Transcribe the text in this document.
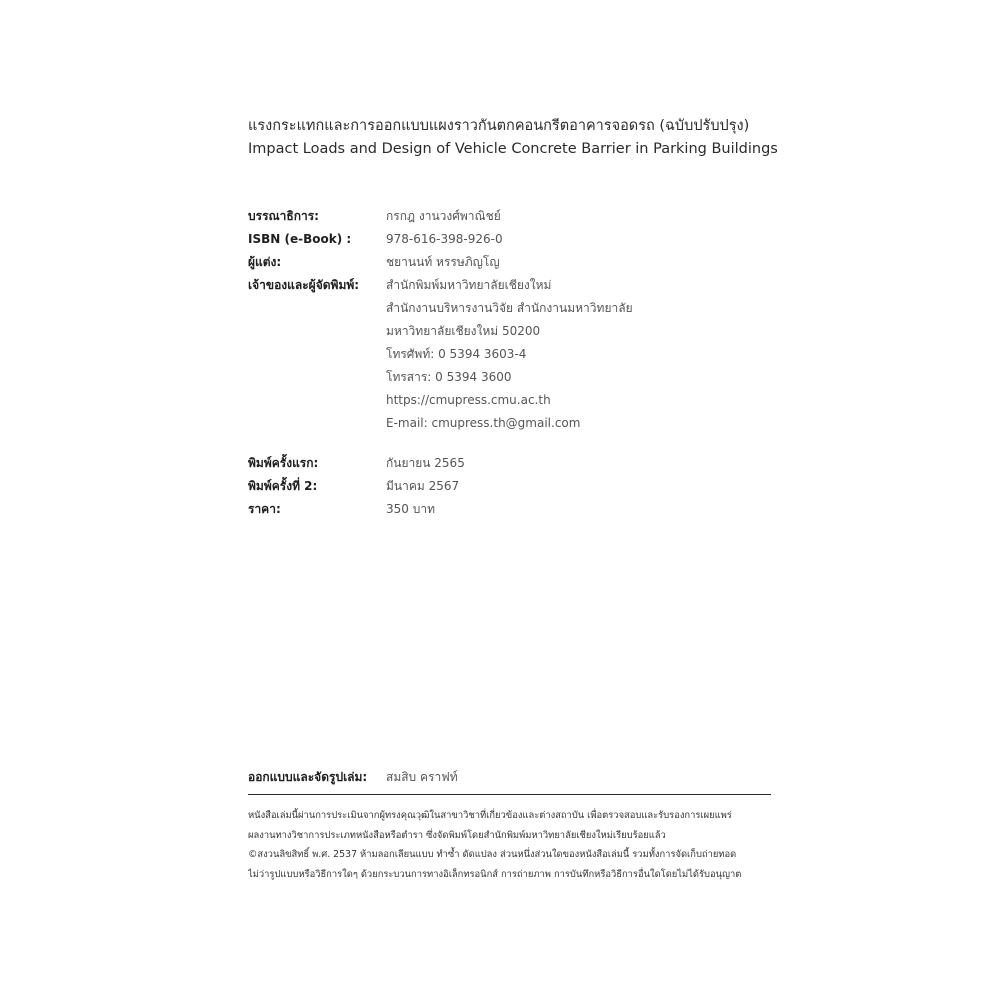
แรงกระแทกและการออกแบบแผงราวกันตกคอนกรีตอาคารจอดรถ (ฉบับปรับปรุง)
Impact Loads and Design of Vehicle Concrete Barrier in Parking Buildings
บรรณาธิการ:	กรกฎ งานวงศ์พาณิชย์
ISBN (e-Book) :	978-616-398-926-0
ผู้แต่ง:	ชยานนท์ หรรษภิญโญ
เจ้าของและผู้จัดพิมพ์: สำนักพิมพ์มหาวิทยาลัยเชียงใหม่
สำนักงานบริหารงานวิจัย สำนักงานมหาวิทยาลัย
มหาวิทยาลัยเชียงใหม่ 50200
โทรศัพท์: 0 5394 3603-4
โทรสาร: 0 5394 3600
https://cmupress.cmu.ac.th
E-mail: cmupress.th@gmail.com
พิมพ์ครั้งแรก:	กันยายน 2565
พิมพ์ครั้งที่ 2:	มีนาคม 2567
ราคา:	350 บาท
ออกแบบและจัดรูปเล่ม: สมสิบ คราฟท์
หนังสือเล่มนี้ผ่านการประเมินจากผู้ทรงคุณวุฒิในสาขาวิชาที่เกี่ยวข้องและต่างสถาบัน เพื่อตรวจสอบและรับรองการเผยแพร่
ผลงานทางวิชาการประเภทหนังสือหรือตำรา ซึ่งจัดพิมพ์โดยสำนักพิมพ์มหาวิทยาลัยเชียงใหม่เรียบร้อยแล้ว
©สงวนลิขสิทธิ์ พ.ศ. 2537 ห้ามลอกเลียนแบบ ทำซ้ำ ดัดแปลง ส่วนหนึ่งส่วนใดของหนังสือเล่มนี้ รวมทั้งการจัดเก็บถ่ายทอด
ไม่ว่ารูปแบบหรือวิธีการใดๆ ด้วยกระบวนการทางอิเล็กทรอนิกส์ การถ่ายภาพ การบันทึกหรือวิธีการอื่นใดโดยไม่ได้รับอนุญาต
